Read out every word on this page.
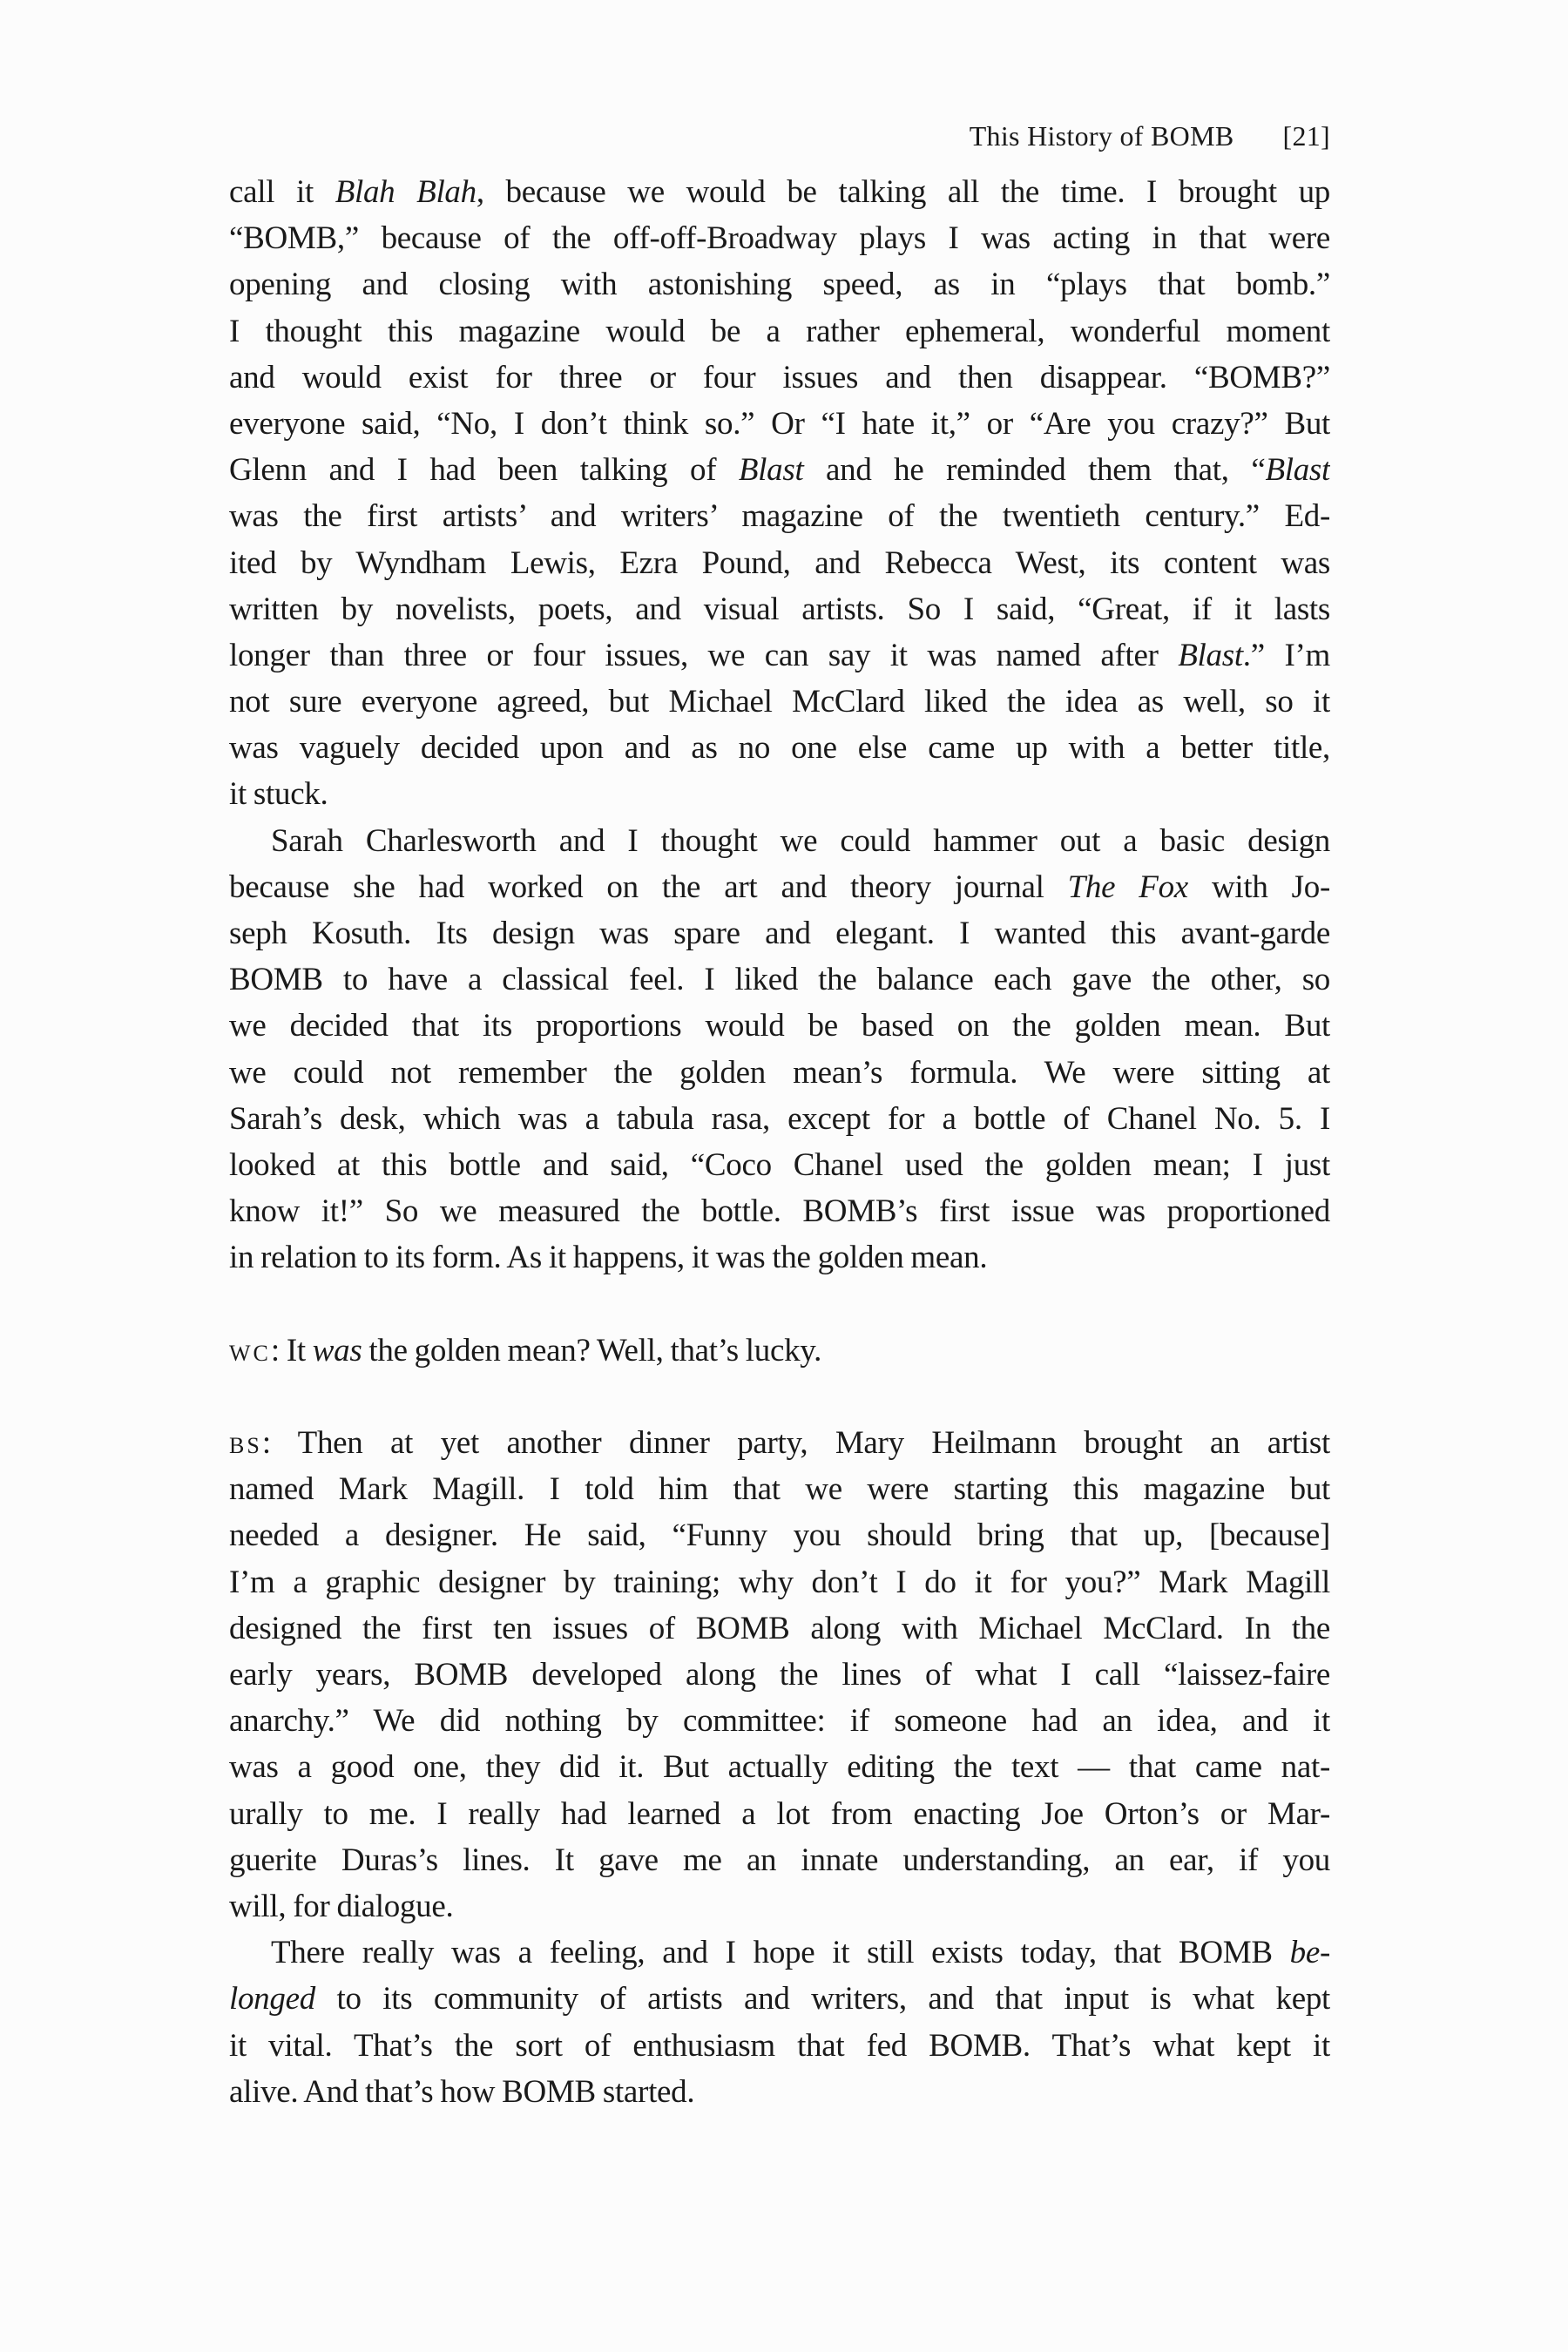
This History of BOMB [21]
call it Blah Blah, because we would be talking all the time. I brought up
“BOMB,” because of the off-off-Broadway plays I was acting in that were
opening and closing with astonishing speed, as in “plays that bomb.”
I thought this magazine would be a rather ephemeral, wonderful moment
and would exist for three or four issues and then disappear. “BOMB?”
everyone said, “No, I don’t think so.” Or “I hate it,” or “Are you crazy?” But
Glenn and I had been talking of Blast and he reminded them that, “Blast
was the first artists’ and writers’ magazine of the twentieth century.” Ed-
ited by Wyndham Lewis, Ezra Pound, and Rebecca West, its content was
written by novelists, poets, and visual artists. So I said, “Great, if it lasts
longer than three or four issues, we can say it was named after Blast.” I’m
not sure everyone agreed, but Michael McClard liked the idea as well, so it
was vaguely decided upon and as no one else came up with a better title,
it stuck.
Sarah Charlesworth and I thought we could hammer out a basic design
because she had worked on the art and theory journal The Fox with Jo-
seph Kosuth. Its design was spare and elegant. I wanted this avant-garde
BOMB to have a classical feel. I liked the balance each gave the other, so
we decided that its proportions would be based on the golden mean. But
we could not remember the golden mean’s formula. We were sitting at
Sarah’s desk, which was a tabula rasa, except for a bottle of Chanel No. 5. I
looked at this bottle and said, “Coco Chanel used the golden mean; I just
know it!” So we measured the bottle. BOMB’s first issue was proportioned
in relation to its form. As it happens, it was the golden mean.
wc: It was the golden mean? Well, that’s lucky.
bs: Then at yet another dinner party, Mary Heilmann brought an artist
named Mark Magill. I told him that we were starting this magazine but
needed a designer. He said, “Funny you should bring that up, [because]
I’m a graphic designer by training; why don’t I do it for you?” Mark Magill
designed the first ten issues of BOMB along with Michael McClard. In the
early years, BOMB developed along the lines of what I call “laissez-faire
anarchy.” We did nothing by committee: if someone had an idea, and it
was a good one, they did it. But actually editing the text — that came nat-
urally to me. I really had learned a lot from enacting Joe Orton’s or Mar-
guerite Duras’s lines. It gave me an innate understanding, an ear, if you
will, for dialogue.
There really was a feeling, and I hope it still exists today, that BOMB be-
longed to its community of artists and writers, and that input is what kept
it vital. That’s the sort of enthusiasm that fed BOMB. That’s what kept it
alive. And that’s how BOMB started.
